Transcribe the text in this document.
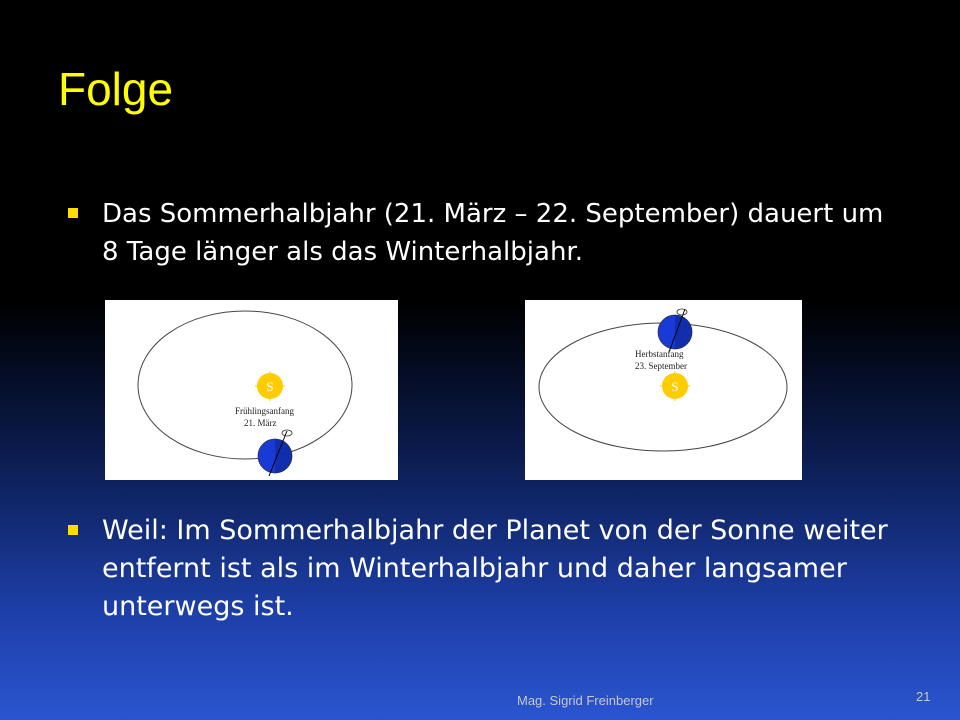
Folge
Das Sommerhalbjahr (21. März – 22. September) dauert um 8 Tage länger als das Winterhalbjahr.
S
Frühlingsanfang
21. März
Herbstanfang
23. September
S
Weil: Im Sommerhalbjahr der Planet von der Sonne weiter entfernt ist als im Winterhalbjahr und daher langsamer unterwegs ist.
Mag. Sigrid Freinberger	21
